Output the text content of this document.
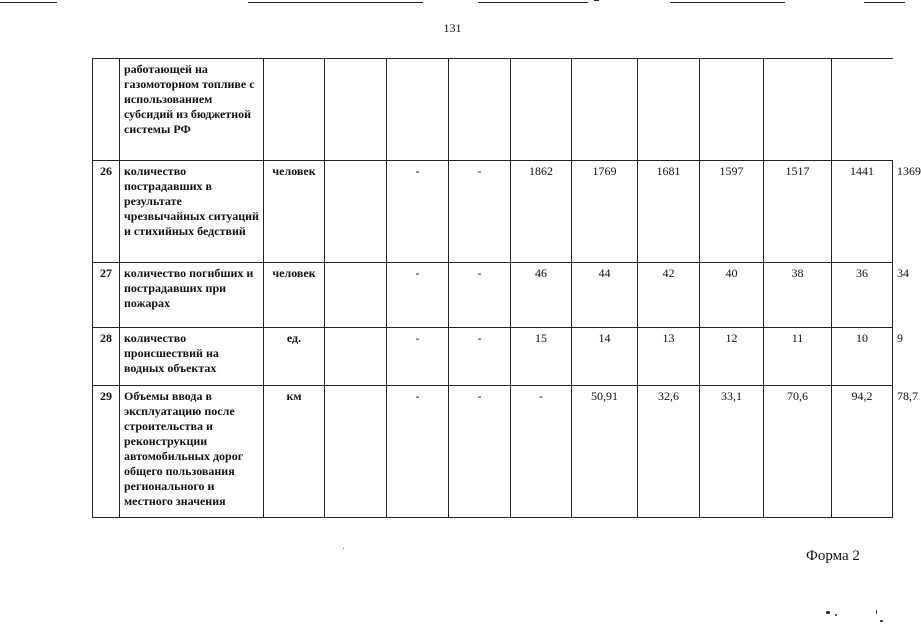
131
	работающей на газомоторном топливе с использованием субсидий из бюджетной системы РФ											
26	количество пострадавших в результате чрезвычайных ситуаций и стихийных бедствий	человек		-	-	1862	1769	1681	1597	1517	1441	1369
27	количество погибших и пострадавших при пожарах	человек		-	-	46	44	42	40	38	36	34
28	количество происшествий на водных объектах	ед.		-	-	15	14	13	12	11	10	9
29	Объемы ввода в эксплуатацию после строительства и реконструкции автомобильных дорог общего пользования регионального и местного значения	км		-	-	-	50,91	32,6	33,1	70,6	94,2	78,7
Форма 2
